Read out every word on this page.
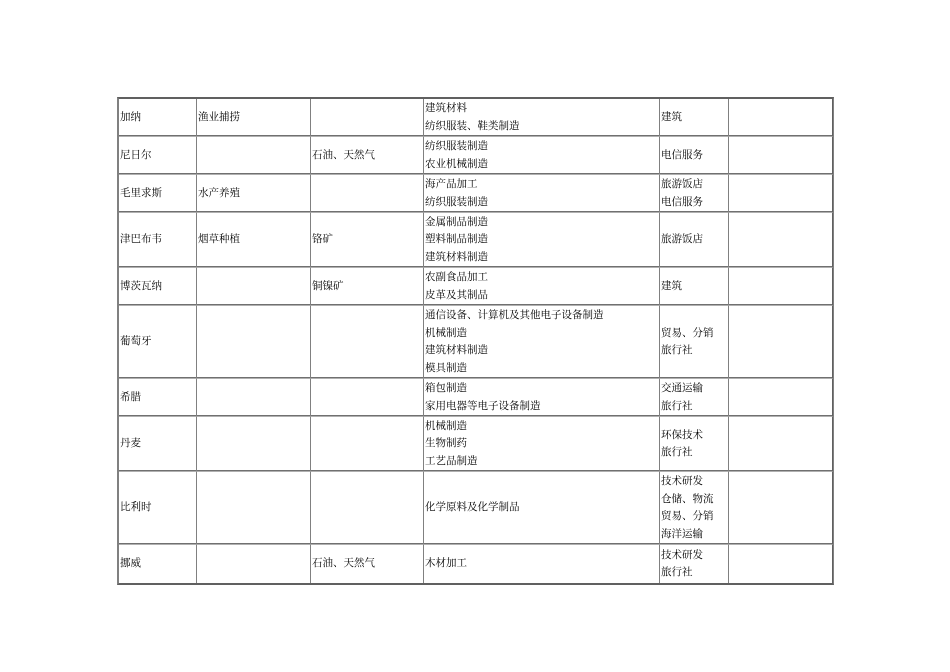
加纳	渔业捕捞		建筑材料
纺织服装、鞋类制造	建筑	

尼日尔		石油、天然气	纺织服装制造
农业机械制造	电信服务	

毛里求斯	水产养殖		海产品加工
纺织服装制造	旅游饭店
电信服务	

津巴布韦	烟草种植	铬矿	金属制品制造
塑料制品制造
建筑材料制造	旅游饭店	

博茨瓦纳		铜镍矿	农副食品加工
皮革及其制品	建筑	

葡萄牙			通信设备、计算机及其他电子设备制造
机械制造
建筑材料制造
模具制造	贸易、分销
旅行社	

希腊			箱包制造
家用电器等电子设备制造	交通运输
旅行社	

丹麦			机械制造
生物制药
工艺品制造	环保技术
旅行社	

比利时			化学原料及化学制品	技术研发
仓储、物流
贸易、分销
海洋运输	

挪威		石油、天然气	木材加工	技术研发
旅行社	
